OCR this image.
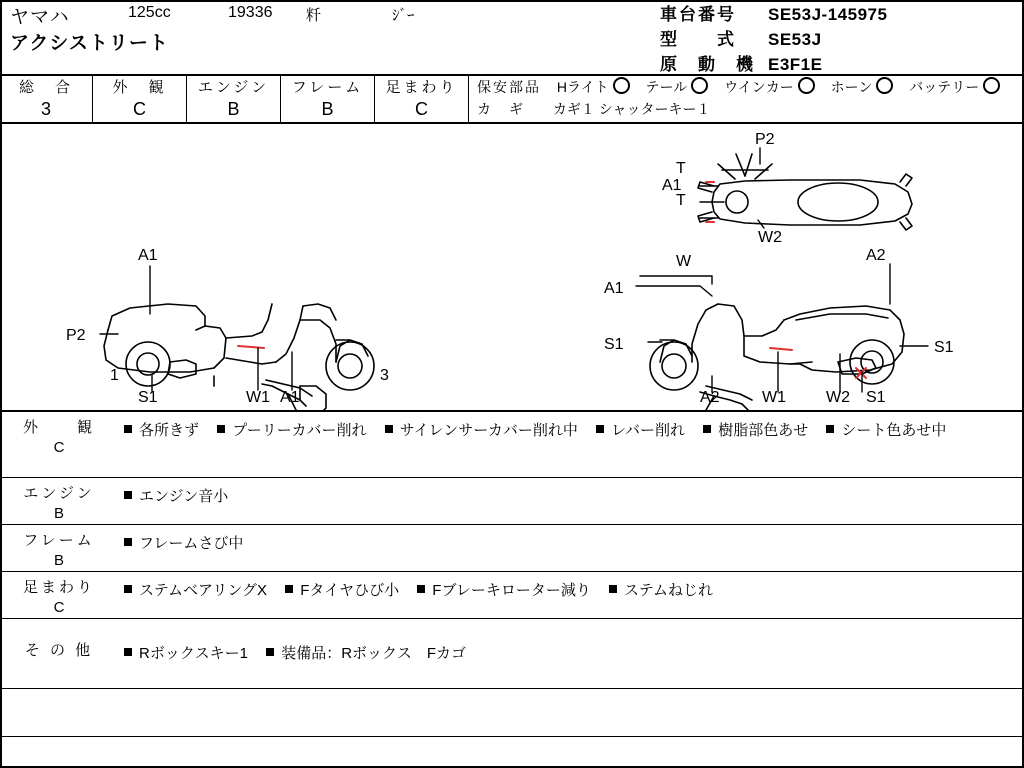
ヤマハ	125cc	19336 粁	ｼﾞｰ
アクシストリート
車台番号 SE53J-145975
型　　式 SE53J
原　動　機 E3F1E
総　合
3
外　観
C
エンジン
B
フレーム
B
足まわり
C
保安部品 Hライト	テール	ウインカー	ホーン	バッテリー
カ　ギ カギ１ シャッターキー１
P2
T
A1
T
W2
A1
P2
1
S1	W1 A1
3
W
A1
A2
S1
A2	W1	W2 S1
S1
外　　観
C
各所きず プーリーカバー削れ サイレンサーカバー削れ中 レバー削れ 樹脂部色あせ シート色あせ中
エンジン
B
エンジン音小
フレーム
B
フレームさび中
足まわり
C
ステムベアリングX Fタイヤひび小 Fブレーキローター減り ステムねじれ
そ の 他	Rボックスキー1 装備品：Rボックス　Fカゴ
